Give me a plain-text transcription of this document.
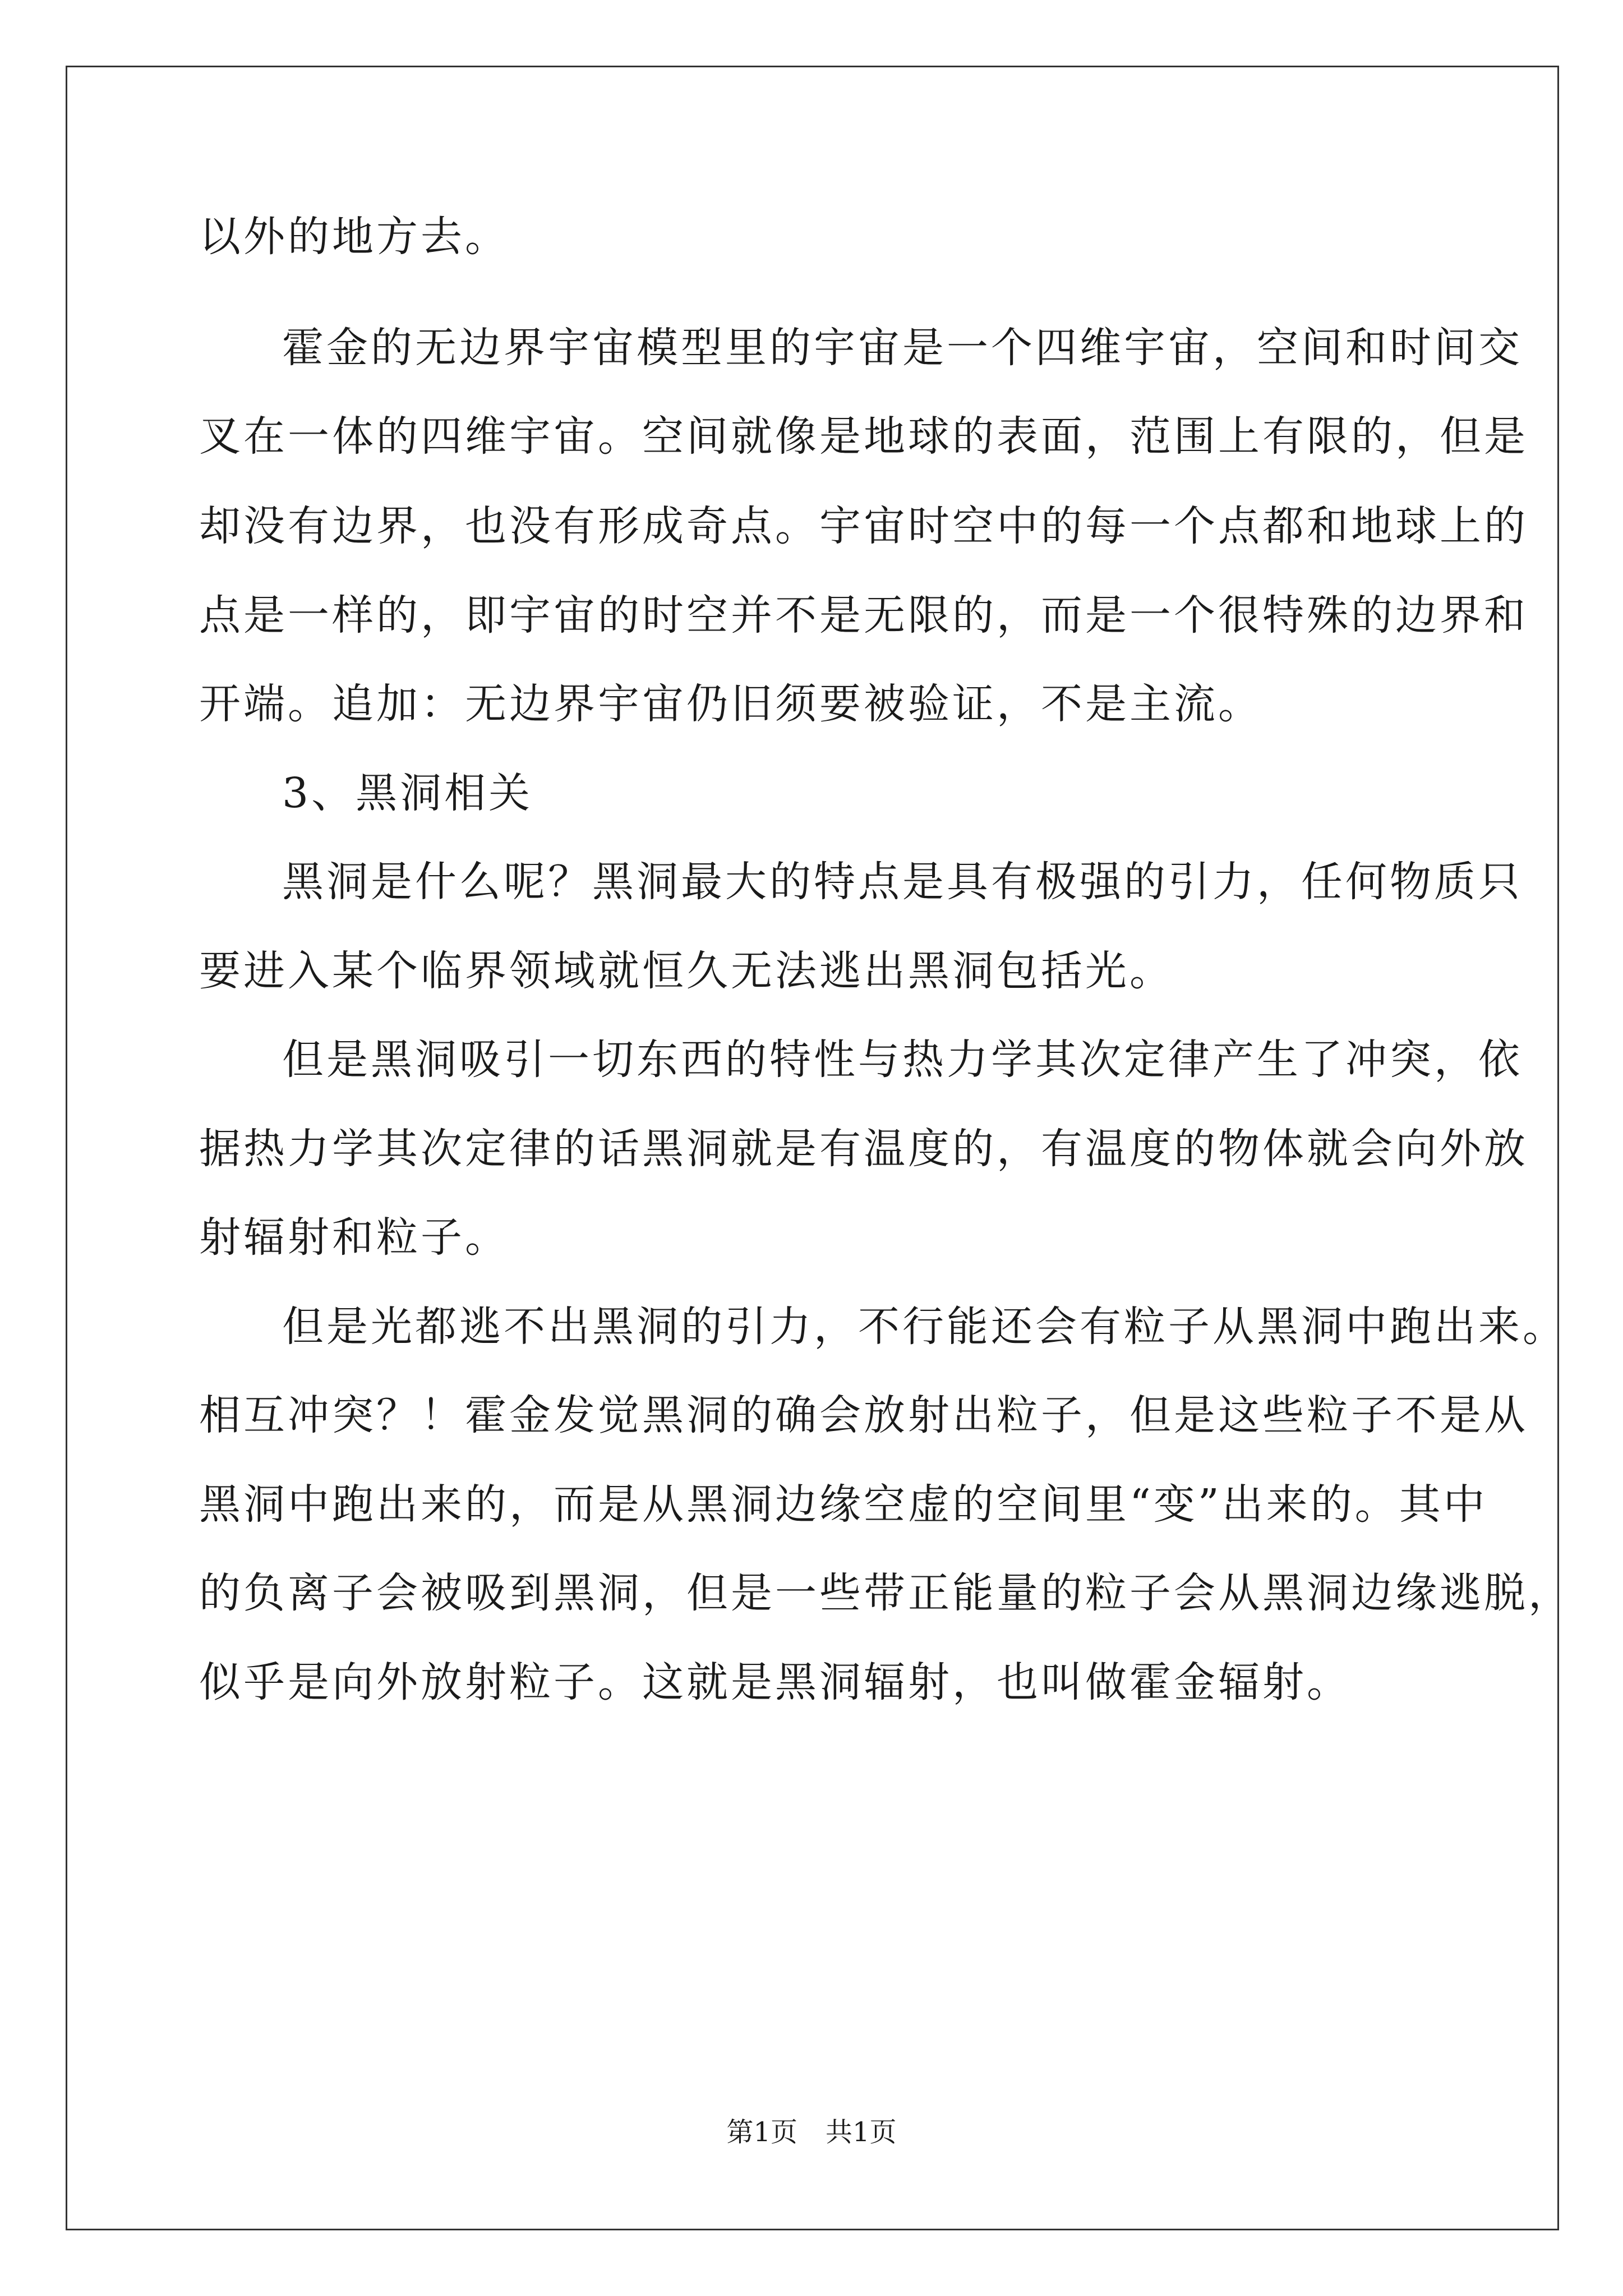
以外的地方去。
霍金的无边界宇宙模型里的宇宙是一个四维宇宙，空间和时间交
叉在一体的四维宇宙。空间就像是地球的表面，范围上有限的，但是
却没有边界，也没有形成奇点。宇宙时空中的每一个点都和地球上的
点是一样的，即宇宙的时空并不是无限的，而是一个很特殊的边界和
开端。追加：无边界宇宙仍旧须要被验证，不是主流。
3、黑洞相关
黑洞是什么呢？黑洞最大的特点是具有极强的引力，任何物质只
要进入某个临界领域就恒久无法逃出黑洞包括光。
但是黑洞吸引一切东西的特性与热力学其次定律产生了冲突，依
据热力学其次定律的话黑洞就是有温度的，有温度的物体就会向外放
射辐射和粒子。
但是光都逃不出黑洞的引力，不行能还会有粒子从黑洞中跑出来。
相互冲突？！霍金发觉黑洞的确会放射出粒子，但是这些粒子不是从
黑洞中跑出来的，而是从黑洞边缘空虚的空间里“变”出来的。其中
的负离子会被吸到黑洞，但是一些带正能量的粒子会从黑洞边缘逃脱，
似乎是向外放射粒子。这就是黑洞辐射，也叫做霍金辐射。
第1页 共1页
